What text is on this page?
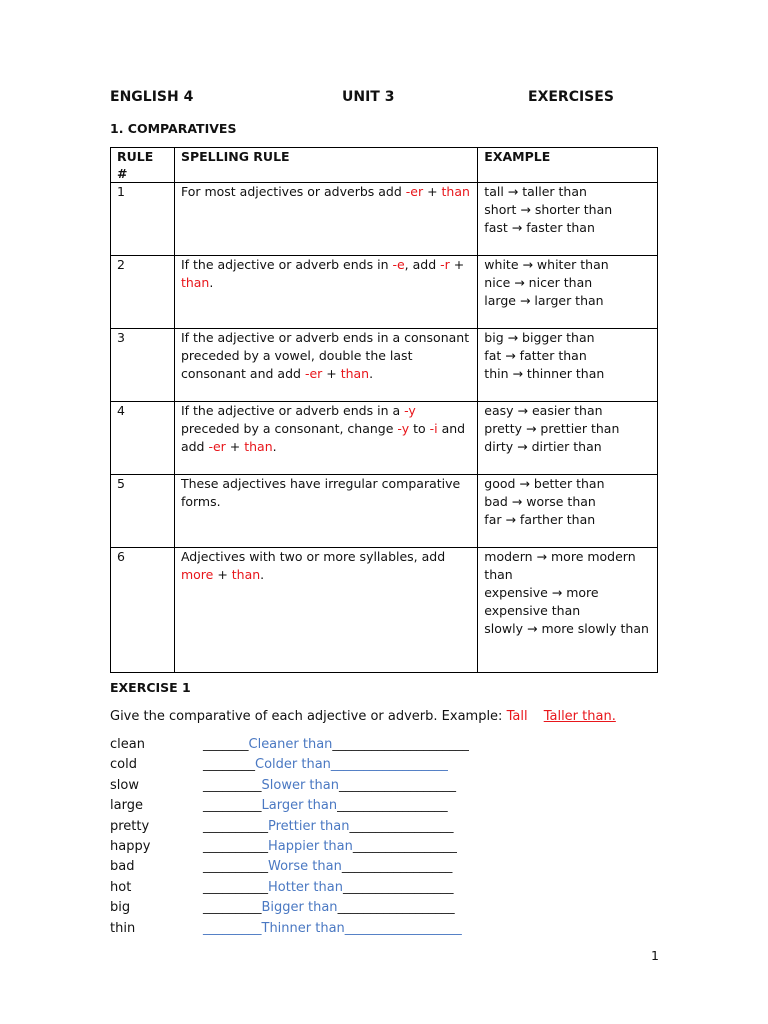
ENGLISH 4	UNIT 3	EXERCISES
1. COMPARATIVES
RULE #	SPELLING RULE	EXAMPLE
1	For most adjectives or adverbs add -er + than	tall → taller than
short → shorter than
fast → faster than

2	If the adjective or adverb ends in -e, add -r + than.	white → whiter than
nice → nicer than
large → larger than

3	If the adjective or adverb ends in a consonant preceded by a vowel, double the last consonant and add -er + than.	big → bigger than
fat → fatter than
thin → thinner than

4	If the adjective or adverb ends in a -y preceded by a consonant, change -y to -i and add -er + than.	easy → easier than
pretty → prettier than
dirty → dirtier than

5	These adjectives have irregular comparative forms.	good → better than
bad → worse than
far → farther than

6	Adjectives with two or more syllables, add more + than.	modern → more modern than
expensive → more expensive than
slowly → more slowly than
EXERCISE 1
Give the comparative of each adjective or adverb. Example: Tall Taller than.
clean	_______Cleaner than_____________________
cold	________Colder than__________________
slow	_________Slower than__________________
large	_________Larger than_________________
pretty	__________Prettier than________________
happy	__________Happier than________________
bad	__________Worse than_________________
hot	__________Hotter than_________________
big	_________Bigger than__________________
thin	_________Thinner than__________________
1
